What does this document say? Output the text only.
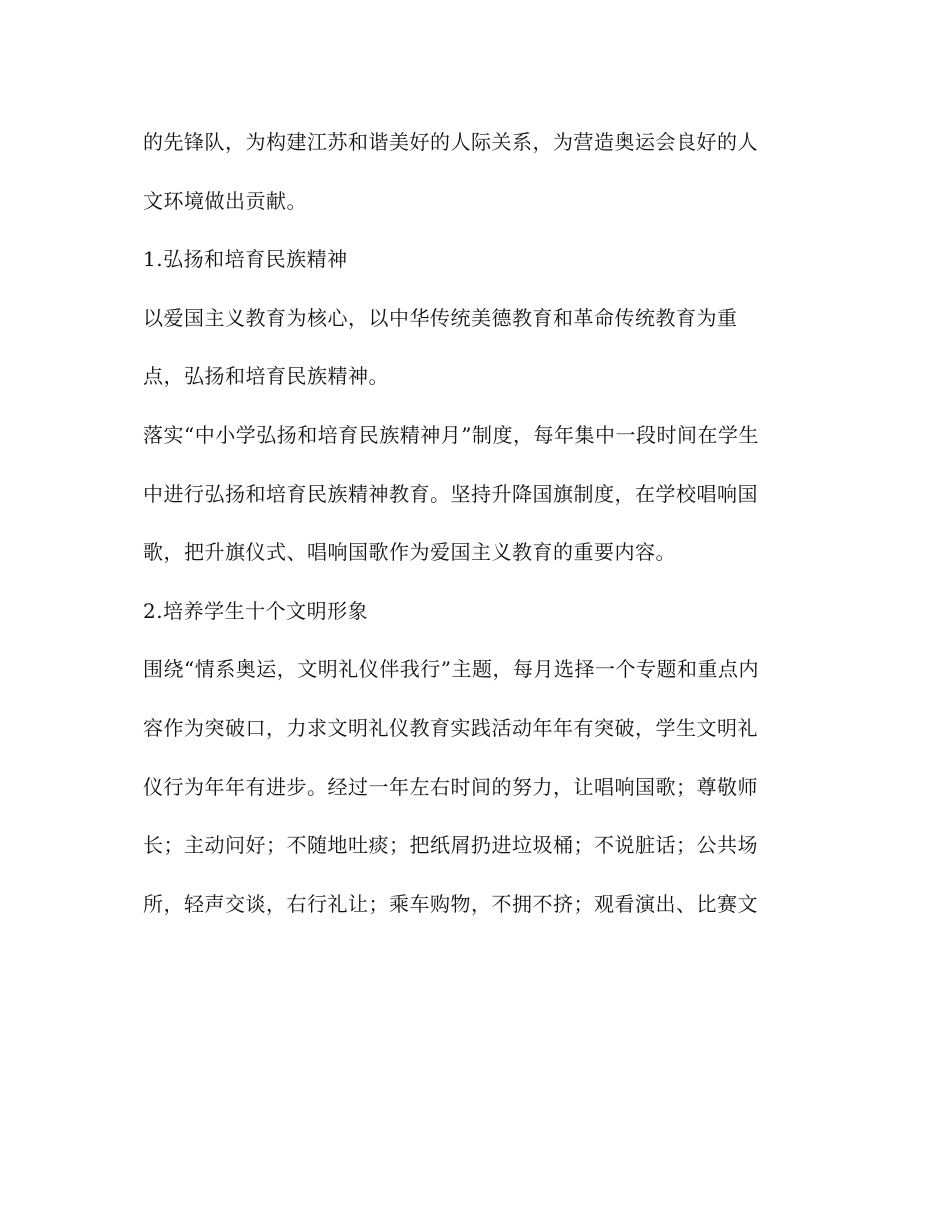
的先锋队，为构建江苏和谐美好的人际关系，为营造奥运会良好的人
文环境做出贡献。
1.弘扬和培育民族精神
以爱国主义教育为核心，以中华传统美德教育和革命传统教育为重
点，弘扬和培育民族精神。
落实“中小学弘扬和培育民族精神月”制度，每年集中一段时间在学生
中进行弘扬和培育民族精神教育。坚持升降国旗制度，在学校唱响国
歌，把升旗仪式、唱响国歌作为爱国主义教育的重要内容。
2.培养学生十个文明形象
围绕“情系奥运，文明礼仪伴我行”主题，每月选择一个专题和重点内
容作为突破口，力求文明礼仪教育实践活动年年有突破，学生文明礼
仪行为年年有进步。经过一年左右时间的努力，让唱响国歌；尊敬师
长；主动问好；不随地吐痰；把纸屑扔进垃圾桶；不说脏话；公共场
所，轻声交谈，右行礼让；乘车购物，不拥不挤；观看演出、比赛文
